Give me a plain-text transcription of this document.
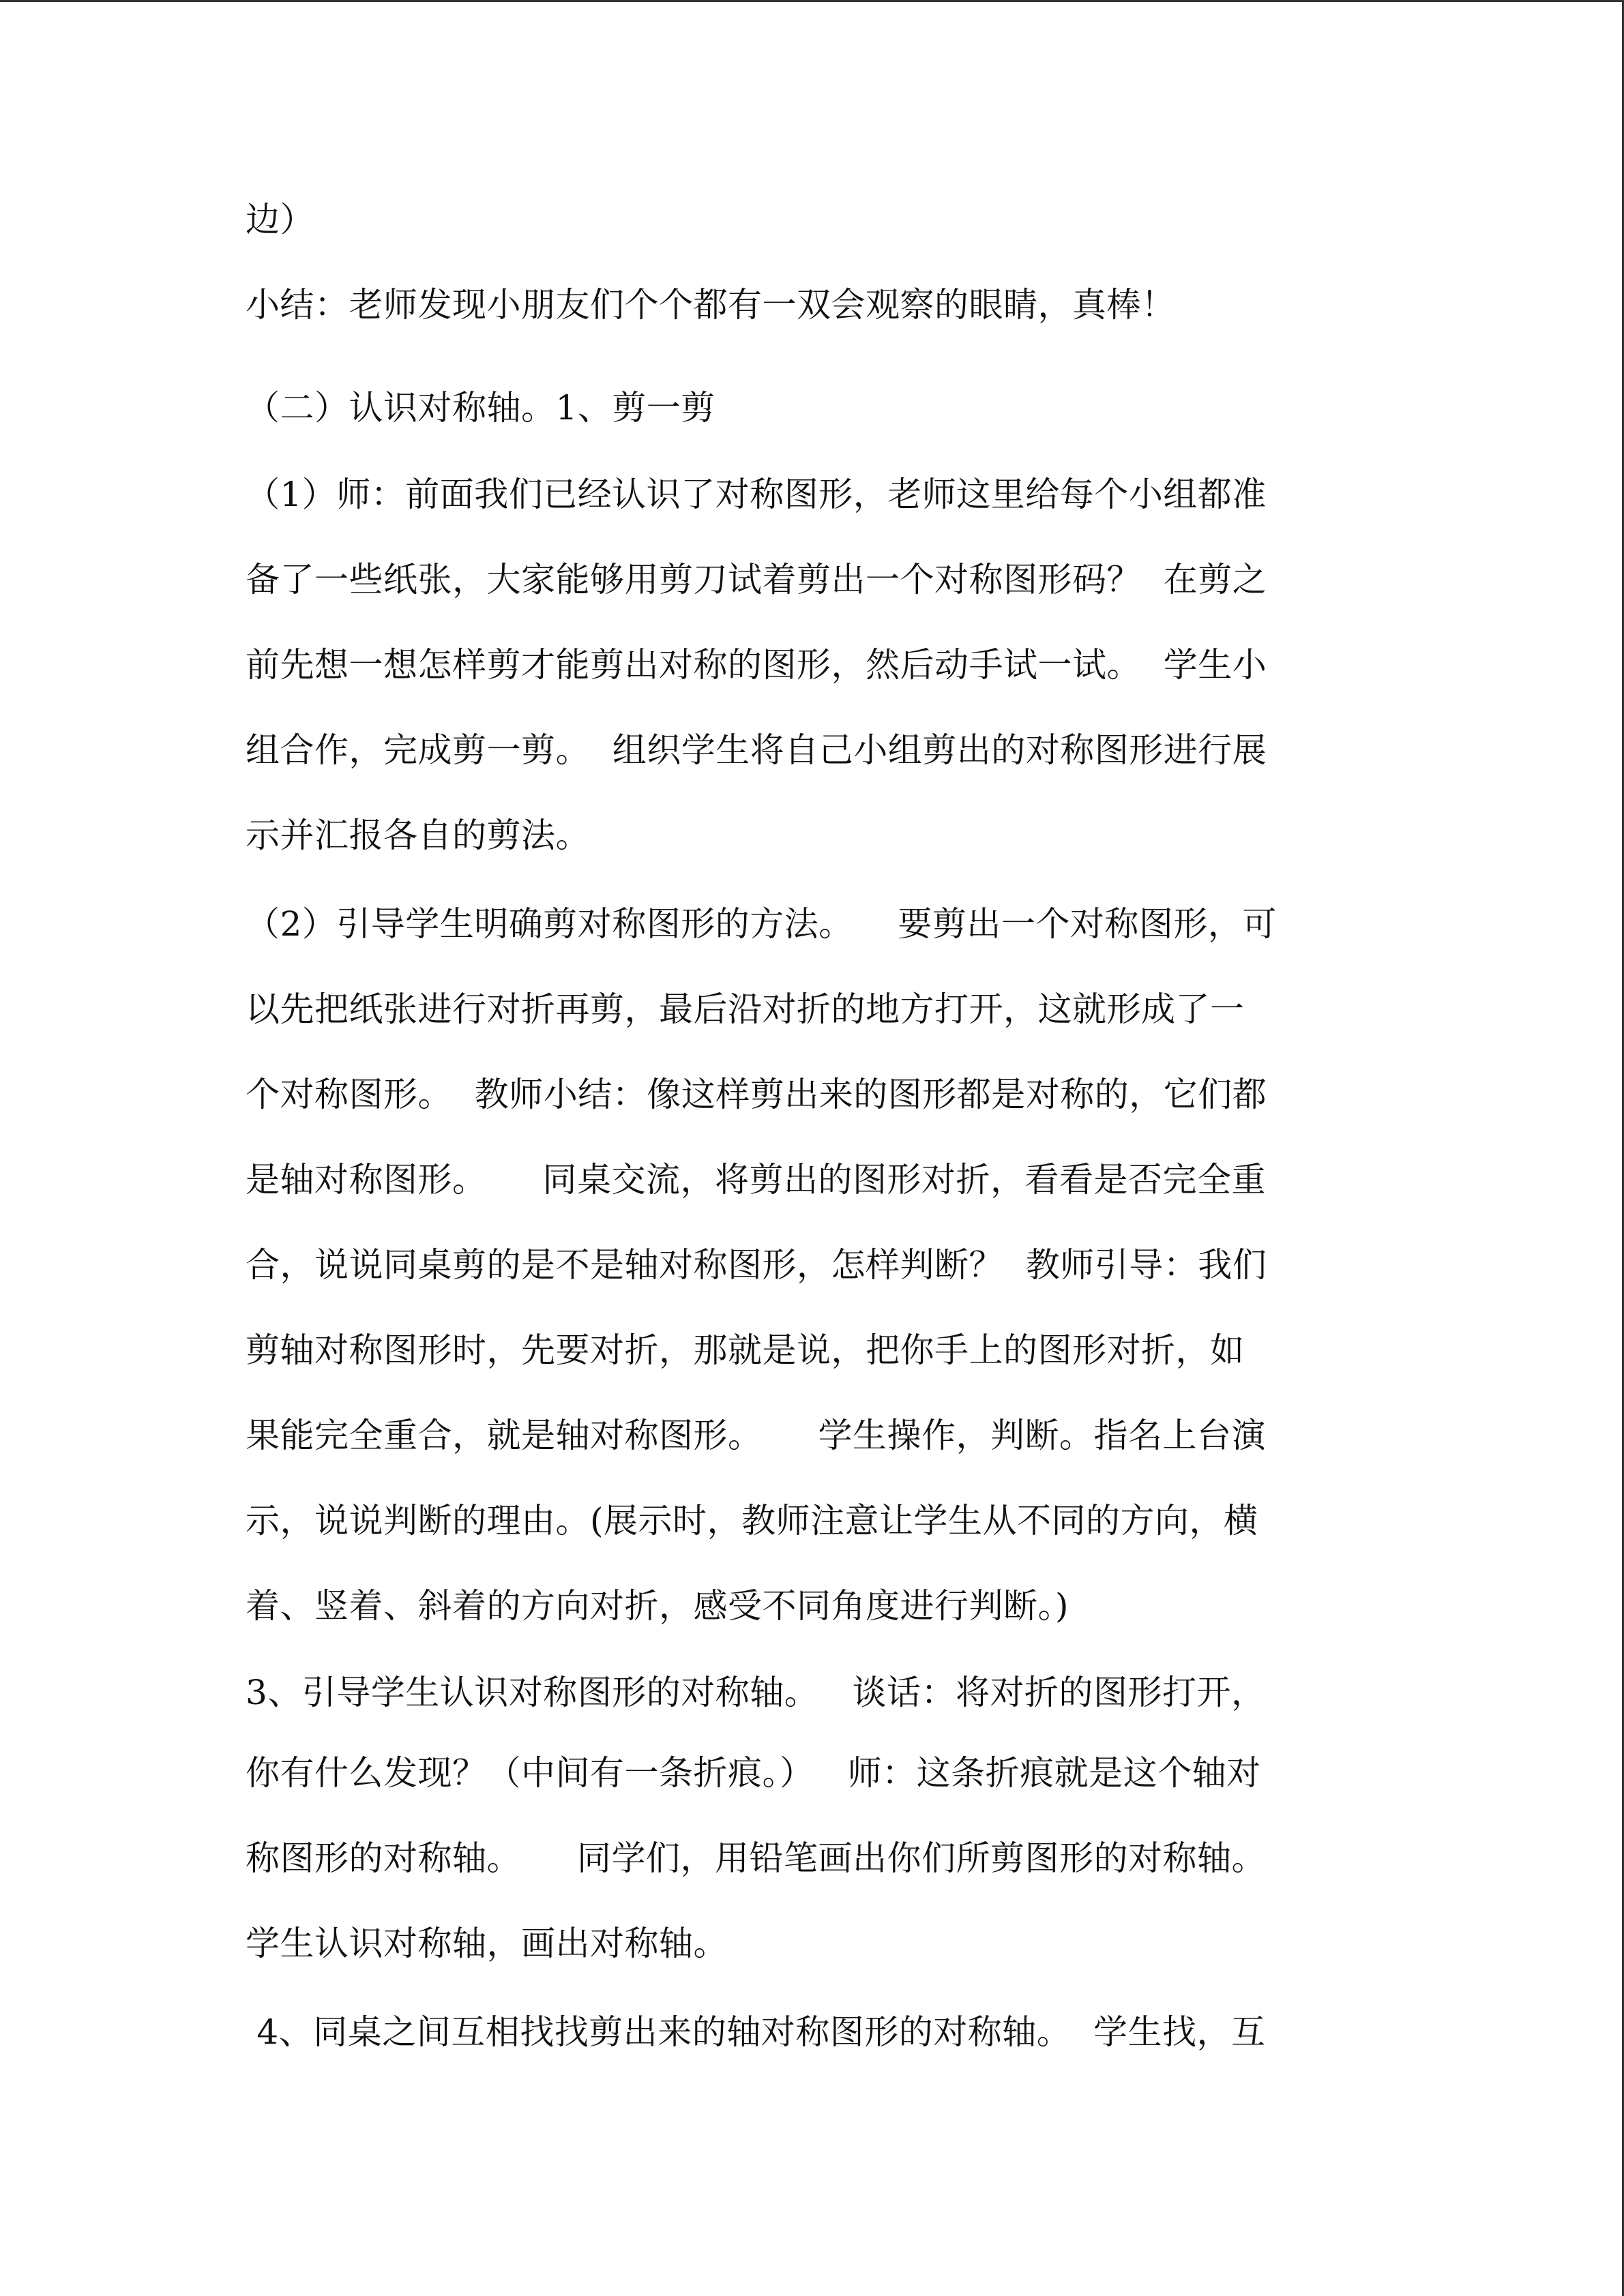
边）
小结：老师发现小朋友们个个都有一双会观察的眼睛，真棒！
（二）认识对称轴。1、剪一剪
（1）师：前面我们已经认识了对称图形，老师这里给每个小组都准
备了一些纸张，大家能够用剪刀试着剪出一个对称图形码？  在剪之
前先想一想怎样剪才能剪出对称的图形，然后动手试一试。  学生小
组合作，完成剪一剪。  组织学生将自己小组剪出的对称图形进行展
示并汇报各自的剪法。
（2）引导学生明确剪对称图形的方法。    要剪出一个对称图形，可
以先把纸张进行对折再剪，最后沿对折的地方打开，这就形成了一
个对称图形。  教师小结：像这样剪出来的图形都是对称的，它们都
是轴对称图形。     同桌交流，将剪出的图形对折，看看是否完全重
合，说说同桌剪的是不是轴对称图形，怎样判断？  教师引导：我们
剪轴对称图形时，先要对折，那就是说，把你手上的图形对折，如
果能完全重合，就是轴对称图形。     学生操作，判断。指名上台演
示，说说判断的理由。(展示时，教师注意让学生从不同的方向，横
着、竖着、斜着的方向对折，感受不同角度进行判断。)
3、引导学生认识对称图形的对称轴。   谈话：将对折的图形打开，
你有什么发现？（中间有一条折痕。）   师：这条折痕就是这个轴对
称图形的对称轴。     同学们，用铅笔画出你们所剪图形的对称轴。
学生认识对称轴，画出对称轴。
4、同桌之间互相找找剪出来的轴对称图形的对称轴。  学生找，互
